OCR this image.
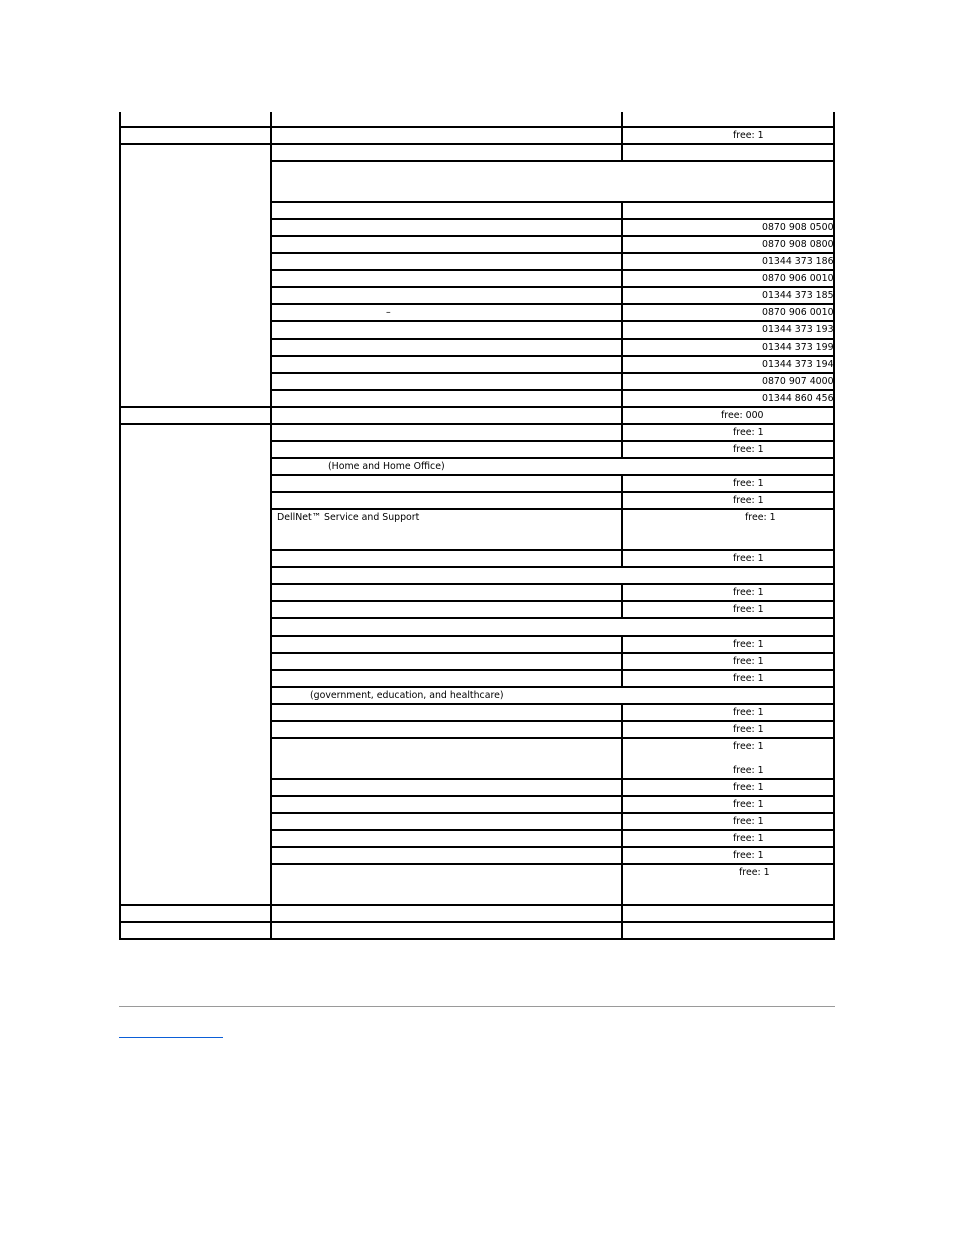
free: 1
0870 908 0500
0870 908 0800
01344 373 186
0870 906 0010
01344 373 185
–	0870 906 0010
01344 373 193
01344 373 199
01344 373 194
0870 907 4000
01344 860 456
free: 000
free: 1
free: 1
(Home and Home Office)
free: 1
free: 1
DellNet™ Service and Support	free: 1
free: 1
free: 1
free: 1
free: 1
free: 1
free: 1
(government, education, and healthcare)
free: 1
free: 1
free: 1
free: 1
free: 1
free: 1
free: 1
free: 1
free: 1
free: 1
